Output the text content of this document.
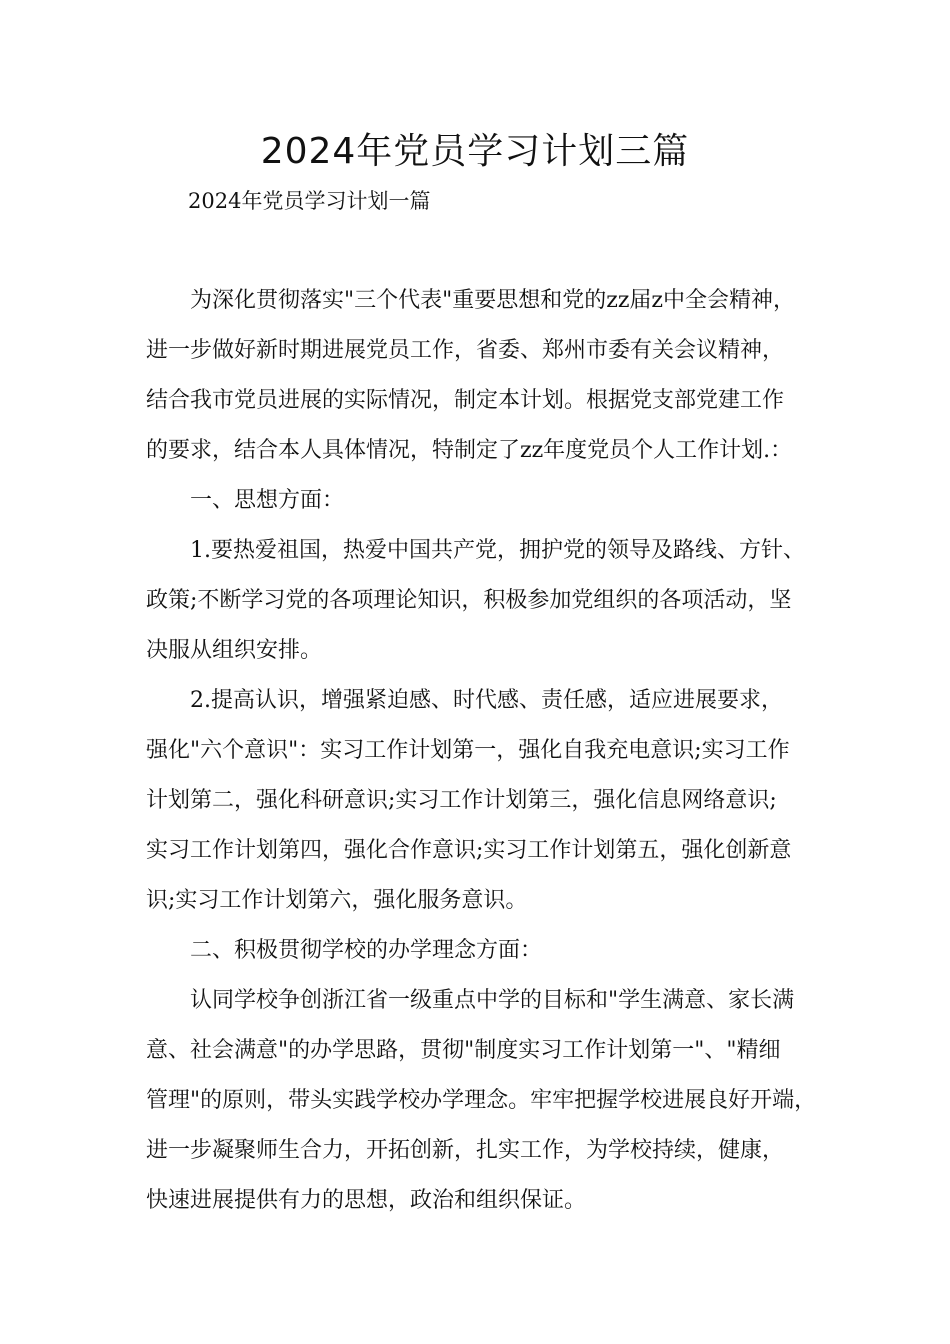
2024年党员学习计划三篇
2024年党员学习计划一篇
为深化贯彻落实"三个代表"重要思想和党的zz届z中全会精神，
进一步做好新时期进展党员工作，省委、郑州市委有关会议精神，
结合我市党员进展的实际情况，制定本计划。根据党支部党建工作
的要求，结合本人具体情况，特制定了zz年度党员个人工作计划.：
一、思想方面：
1.要热爱祖国，热爱中国共产党，拥护党的领导及路线、方针、
政策;不断学习党的各项理论知识，积极参加党组织的各项活动，坚
决服从组织安排。
2.提高认识，增强紧迫感、时代感、责任感，适应进展要求，
强化"六个意识"：实习工作计划第一，强化自我充电意识;实习工作
计划第二，强化科研意识;实习工作计划第三，强化信息网络意识;
实习工作计划第四，强化合作意识;实习工作计划第五，强化创新意
识;实习工作计划第六，强化服务意识。
二、积极贯彻学校的办学理念方面：
认同学校争创浙江省一级重点中学的目标和"学生满意、家长满
意、社会满意"的办学思路，贯彻"制度实习工作计划第一"、"精细
管理"的原则，带头实践学校办学理念。牢牢把握学校进展良好开端，
进一步凝聚师生合力，开拓创新，扎实工作，为学校持续，健康，
快速进展提供有力的思想，政治和组织保证。
